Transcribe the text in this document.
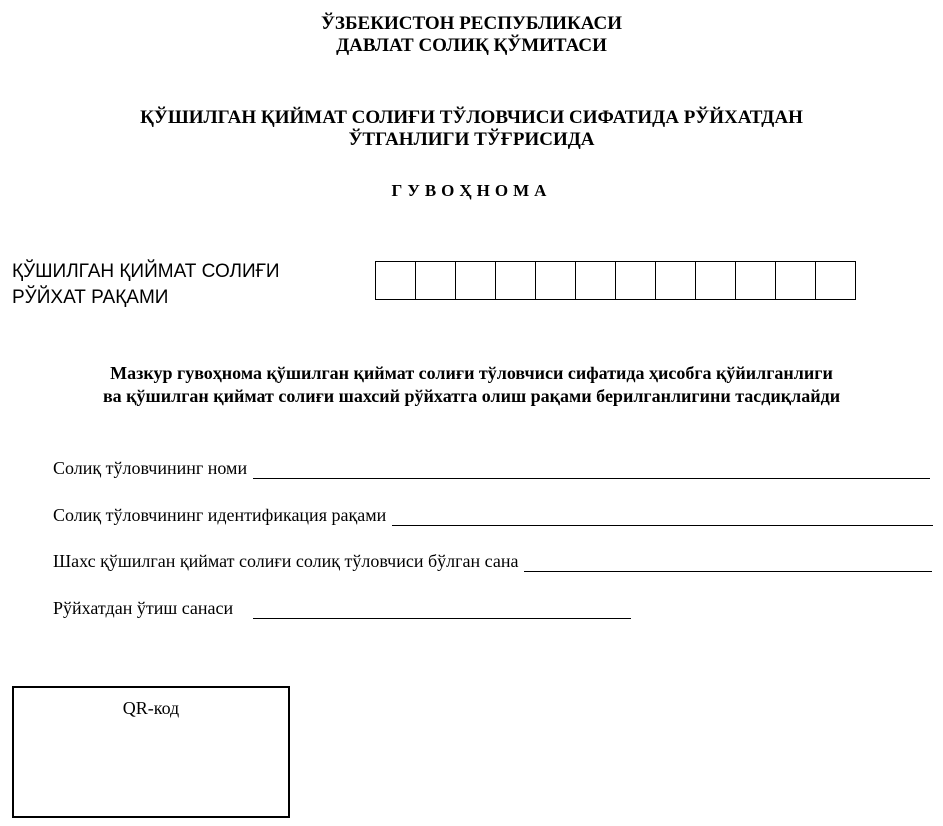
ЎЗБЕКИСТОН РЕСПУБЛИКАСИ
ДАВЛАТ СОЛИҚ ҚЎМИТАСИ
ҚЎШИЛГАН ҚИЙМАТ СОЛИҒИ ТЎЛОВЧИСИ СИФАТИДА РЎЙХАТДАН
ЎТГАНЛИГИ ТЎҒРИСИДА
ГУВОҲНОМА
ҚЎШИЛГАН ҚИЙМАТ СОЛИҒИ
РЎЙХАТ РАҚАМИ
Мазкур гувоҳнома қўшилган қиймат солиғи тўловчиси сифатида ҳисобга қўйилганлиги
ва қўшилган қиймат солиғи шахсий рўйхатга олиш рақами берилганлигини тасдиқлайди
Солиқ тўловчининг номи
Солиқ тўловчининг идентификация рақами
Шахс қўшилган қиймат солиғи солиқ тўловчиси бўлган сана
Рўйхатдан ўтиш санаси
QR-код
